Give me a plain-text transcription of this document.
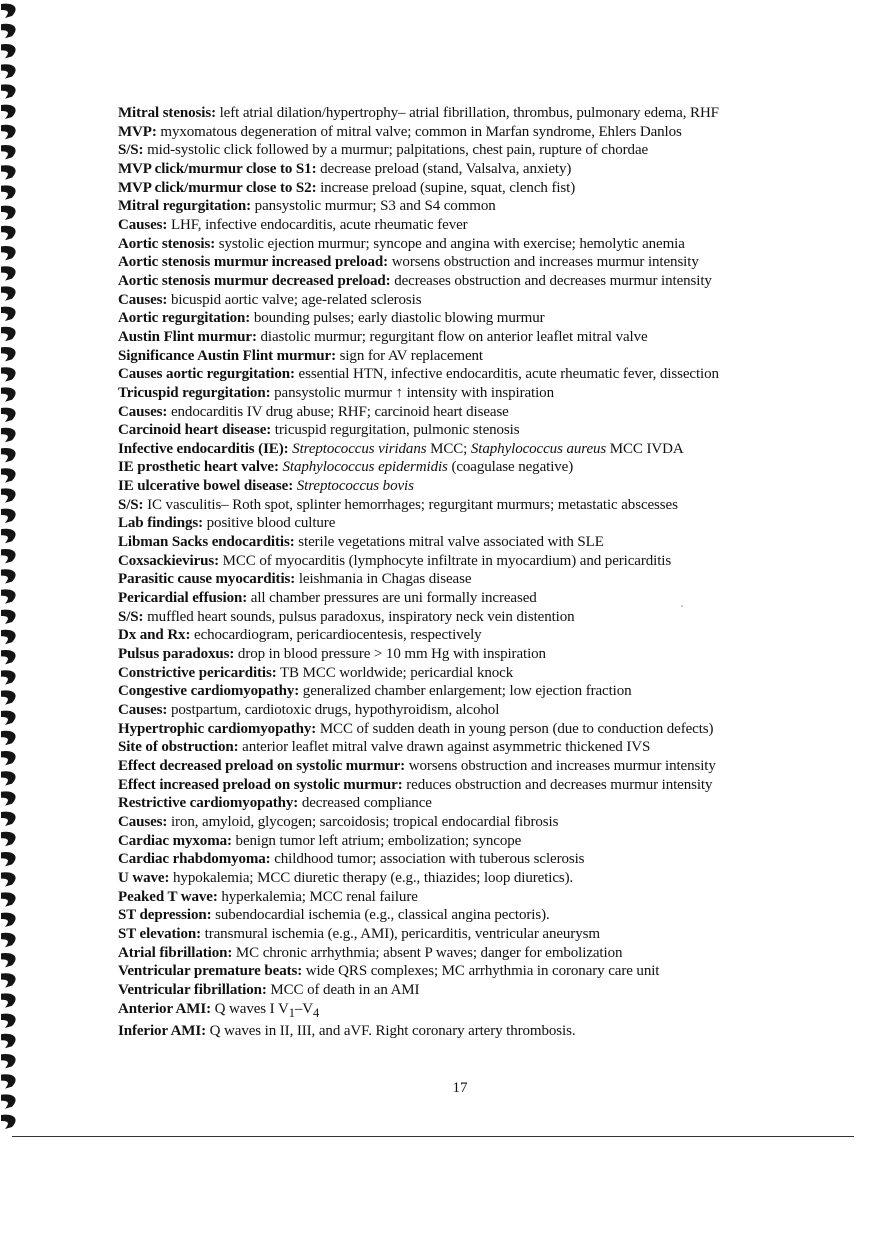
Mitral stenosis: left atrial dilation/hypertrophy– atrial fibrillation, thrombus, pulmonary edema, RHF
MVP: myxomatous degeneration of mitral valve; common in Marfan syndrome, Ehlers Danlos
S/S: mid-systolic click followed by a murmur; palpitations, chest pain, rupture of chordae
MVP click/murmur close to S1: decrease preload (stand, Valsalva, anxiety)
MVP click/murmur close to S2: increase preload (supine, squat, clench fist)
Mitral regurgitation: pansystolic murmur; S3 and S4 common
Causes: LHF, infective endocarditis, acute rheumatic fever
Aortic stenosis: systolic ejection murmur; syncope and angina with exercise; hemolytic anemia
Aortic stenosis murmur increased preload: worsens obstruction and increases murmur intensity
Aortic stenosis murmur decreased preload: decreases obstruction and decreases murmur intensity
Causes: bicuspid aortic valve; age-related sclerosis
Aortic regurgitation: bounding pulses; early diastolic blowing murmur
Austin Flint murmur: diastolic murmur; regurgitant flow on anterior leaflet mitral valve
Significance Austin Flint murmur: sign for AV replacement
Causes aortic regurgitation: essential HTN, infective endocarditis, acute rheumatic fever, dissection
Tricuspid regurgitation: pansystolic murmur ↑ intensity with inspiration
Causes: endocarditis IV drug abuse; RHF; carcinoid heart disease
Carcinoid heart disease: tricuspid regurgitation, pulmonic stenosis
Infective endocarditis (IE): Streptococcus viridans MCC; Staphylococcus aureus MCC IVDA
IE prosthetic heart valve: Staphylococcus epidermidis (coagulase negative)
IE ulcerative bowel disease: Streptococcus bovis
S/S: IC vasculitis– Roth spot, splinter hemorrhages; regurgitant murmurs; metastatic abscesses
Lab findings: positive blood culture
Libman Sacks endocarditis: sterile vegetations mitral valve associated with SLE
Coxsackievirus: MCC of myocarditis (lymphocyte infiltrate in myocardium) and pericarditis
Parasitic cause myocarditis: leishmania in Chagas disease
Pericardial effusion: all chamber pressures are uni formally increased
S/S: muffled heart sounds, pulsus paradoxus, inspiratory neck vein distention
Dx and Rx: echocardiogram, pericardiocentesis, respectively
Pulsus paradoxus: drop in blood pressure > 10 mm Hg with inspiration
Constrictive pericarditis: TB MCC worldwide; pericardial knock
Congestive cardiomyopathy: generalized chamber enlargement; low ejection fraction
Causes: postpartum, cardiotoxic drugs, hypothyroidism, alcohol
Hypertrophic cardiomyopathy: MCC of sudden death in young person (due to conduction defects)
Site of obstruction: anterior leaflet mitral valve drawn against asymmetric thickened IVS
Effect decreased preload on systolic murmur: worsens obstruction and increases murmur intensity
Effect increased preload on systolic murmur: reduces obstruction and decreases murmur intensity
Restrictive cardiomyopathy: decreased compliance
Causes: iron, amyloid, glycogen; sarcoidosis; tropical endocardial fibrosis
Cardiac myxoma: benign tumor left atrium; embolization; syncope
Cardiac rhabdomyoma: childhood tumor; association with tuberous sclerosis
U wave: hypokalemia; MCC diuretic therapy (e.g., thiazides; loop diuretics).
Peaked T wave: hyperkalemia; MCC renal failure
ST depression: subendocardial ischemia (e.g., classical angina pectoris).
ST elevation: transmural ischemia (e.g., AMI), pericarditis, ventricular aneurysm
Atrial fibrillation: MC chronic arrhythmia; absent P waves; danger for embolization
Ventricular premature beats: wide QRS complexes; MC arrhythmia in coronary care unit
Ventricular fibrillation: MCC of death in an AMI
Anterior AMI: Q waves I $V_1-V_4$
Inferior AMI: Q waves in II, III, and aVF. Right coronary artery thrombosis.
17
